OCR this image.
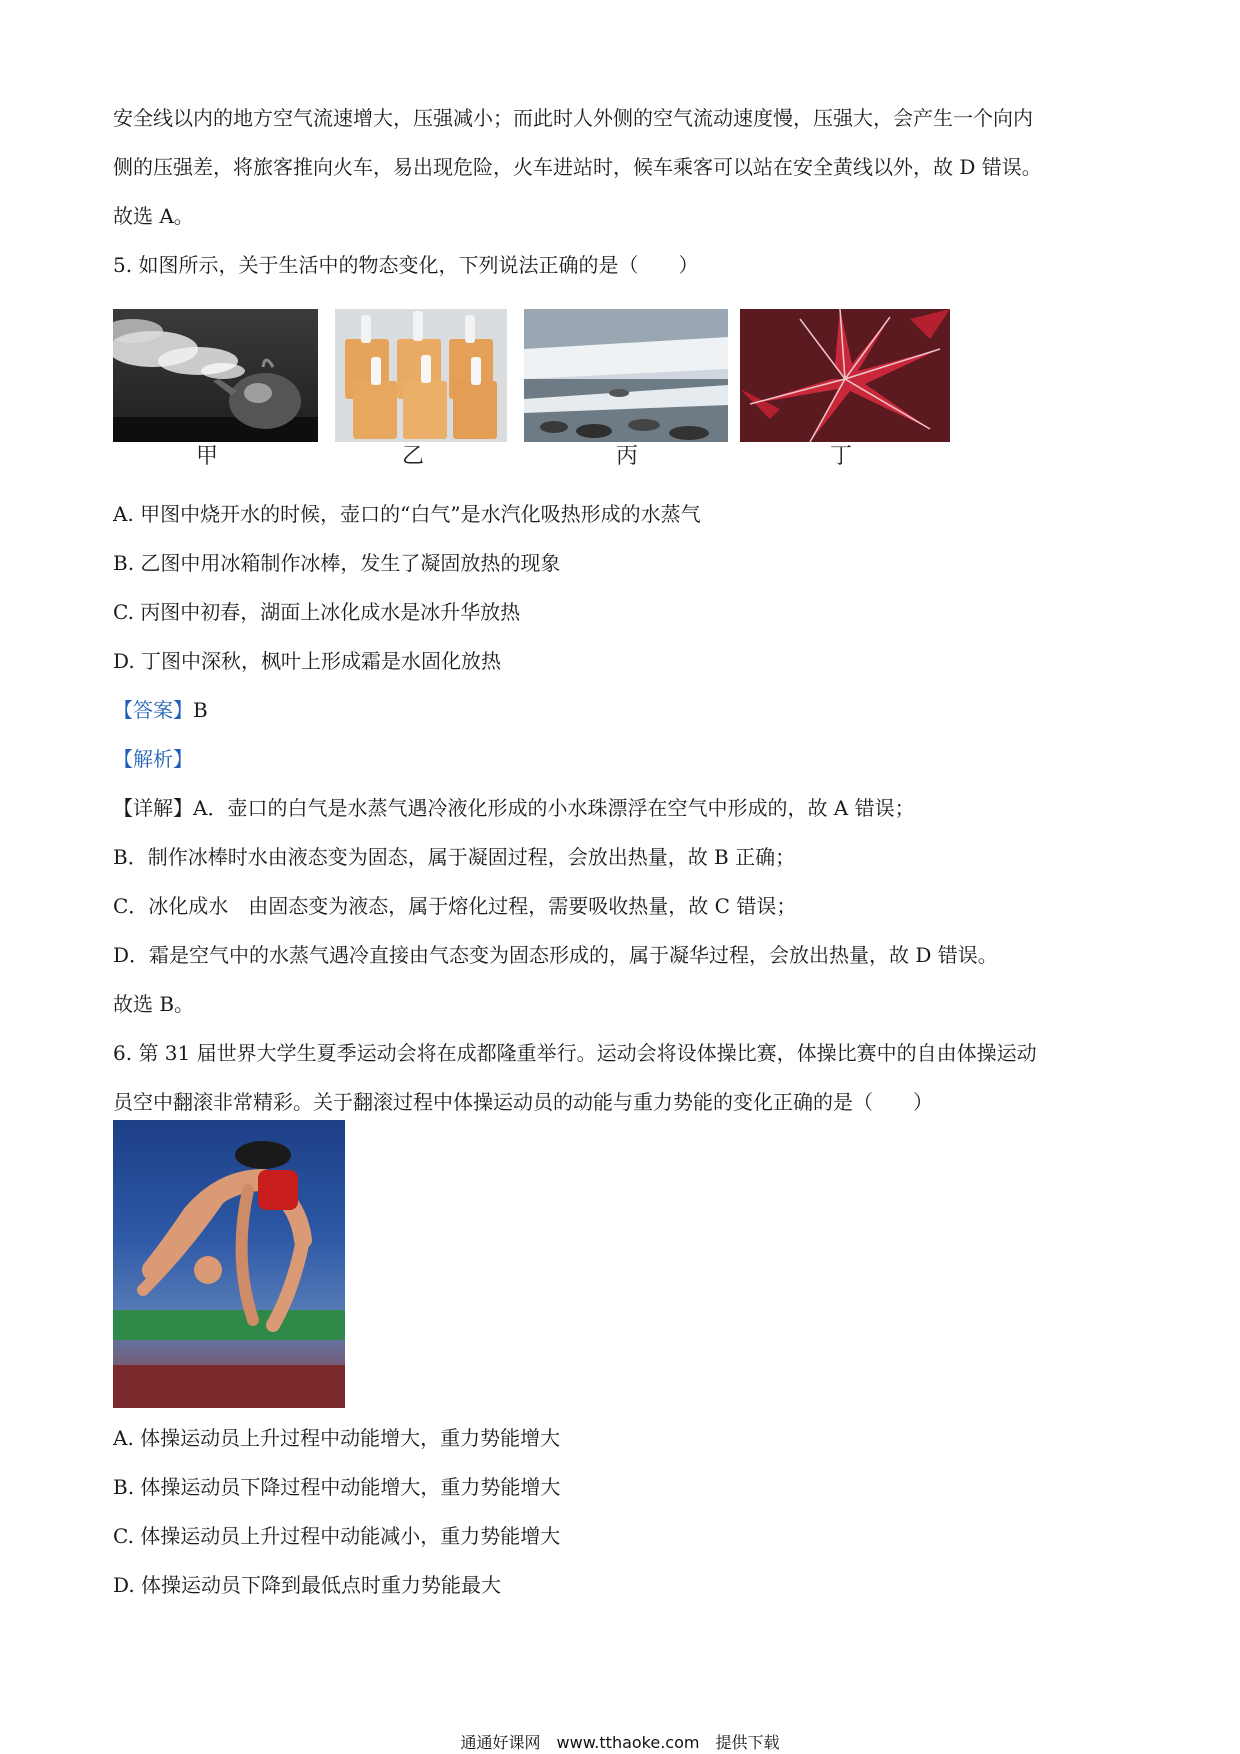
安全线以内的地方空气流速增大，压强减小；而此时人外侧的空气流动速度慢，压强大，会产生一个向内
侧的压强差，将旅客推向火车，易出现危险，火车进站时，候车乘客可以站在安全黄线以外，故 D 错误。
故选 A。
5. 如图所示，关于生活中的物态变化，下列说法正确的是（　　）
甲	乙	丙	丁
A. 甲图中烧开水的时候，壶口的“白气”是水汽化吸热形成的水蒸气
B. 乙图中用冰箱制作冰棒，发生了凝固放热的现象
C. 丙图中初春，湖面上冰化成水是冰升华放热
D. 丁图中深秋，枫叶上形成霜是水固化放热
【答案】B
【解析】
【详解】A．壶口的白气是水蒸气遇冷液化形成的小水珠漂浮在空气中形成的，故 A 错误；
B．制作冰棒时水由液态变为固态，属于凝固过程，会放出热量，故 B 正确；
C．冰化成水　由固态变为液态，属于熔化过程，需要吸收热量，故 C 错误；
D．霜是空气中的水蒸气遇冷直接由气态变为固态形成的，属于凝华过程，会放出热量，故 D 错误。
故选 B。
6. 第 31 届世界大学生夏季运动会将在成都隆重举行。运动会将设体操比赛，体操比赛中的自由体操运动
员空中翻滚非常精彩。关于翻滚过程中体操运动员的动能与重力势能的变化正确的是（　　）
A. 体操运动员上升过程中动能增大，重力势能增大
B. 体操运动员下降过程中动能增大，重力势能增大
C. 体操运动员上升过程中动能减小，重力势能增大
D. 体操运动员下降到最低点时重力势能最大
通通好课网　www.tthaoke.com　提供下载
